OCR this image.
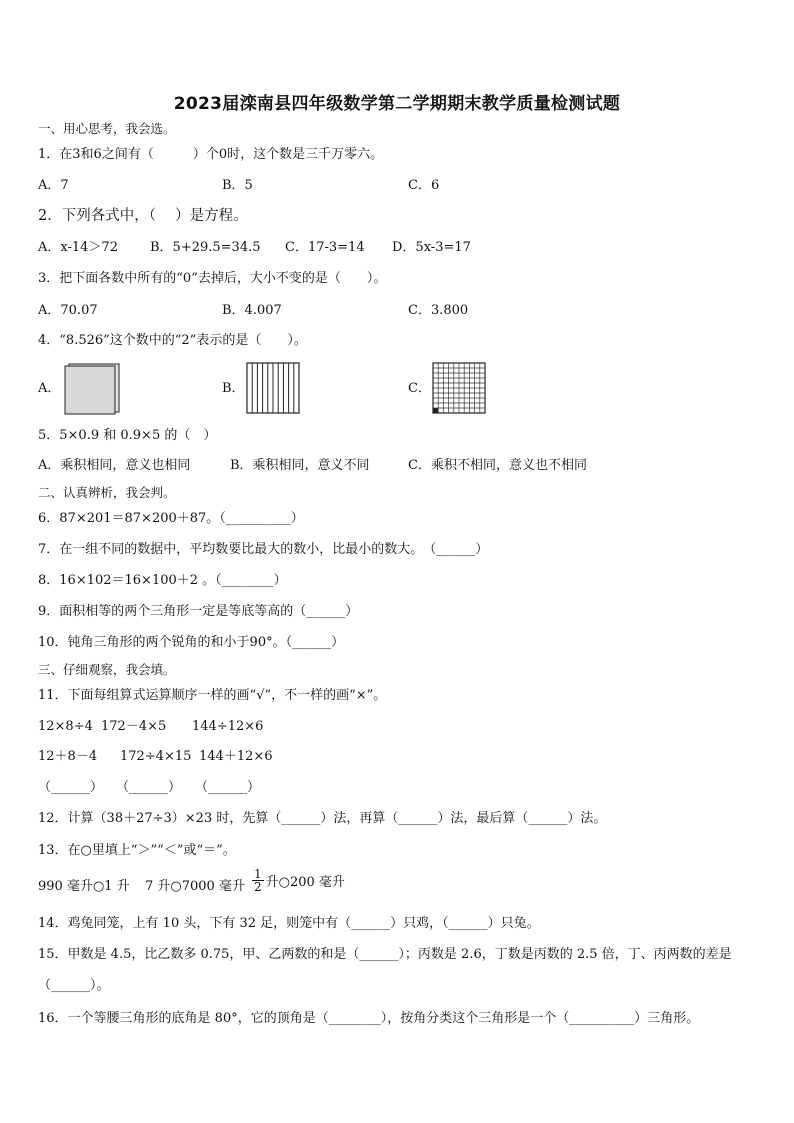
2023届滦南县四年级数学第二学期期末教学质量检测试题
一、用心思考，我会选。
1．在3和6之间有（　　　）个0时，这个数是三千万零六。
A．7	B．5	C．6
2．下列各式中，（　 ）是方程。
A．x-14＞72 B．5+29.5=34.5 C．17-3=14 D．5x-3=17
3．把下面各数中所有的“0”去掉后，大小不变的是（　　）。
A．70.07	B．4.007	C．3.800
4．“8.526”这个数中的“2”表示的是（　　）。
A．	B．	C．
5．5×0.9 和 0.9×5 的（　）
A．乘积相同，意义也相同	B．乘积相同，意义不同	C．乘积不相同，意义也不相同
二、认真辨析，我会判。
6．87×201＝87×200＋87。（__________）
7．在一组不同的数据中，平均数要比最大的数小，比最小的数大。　（______）
8．16×102＝16×100＋2 。（________）
9．面积相等的两个三角形一定是等底等高的（______）
10．钝角三角形的两个锐角的和小于90°。（______）
三、仔细观察，我会填。
11．下面每组算式运算顺序一样的画“√”，不一样的画“×”。
12×8÷4 172－4×5 144÷12×6
12＋8－4 172÷4×15 144＋12×6
（______） （______） （______）
12．计算（38＋27÷3）×23 时，先算（______）法，再算（______）法，最后算（______）法。
13．在○里填上“＞”“＜”或“＝”。
990 毫升○1 升 7 升○7000 毫升 $\frac{1}{2}$ 升○200 毫升
14．鸡兔同笼，上有 10 头，下有 32 足，则笼中有（______）只鸡，（______）只兔。
15．甲数是 4.5，比乙数多 0.75，甲、乙两数的和是（______）；丙数是 2.6，丁数是丙数的 2.5 倍，丁、丙两数的差是
（______）。
16．一个等腰三角形的底角是 80°，它的顶角是（________），按角分类这个三角形是一个（__________）三角形。
